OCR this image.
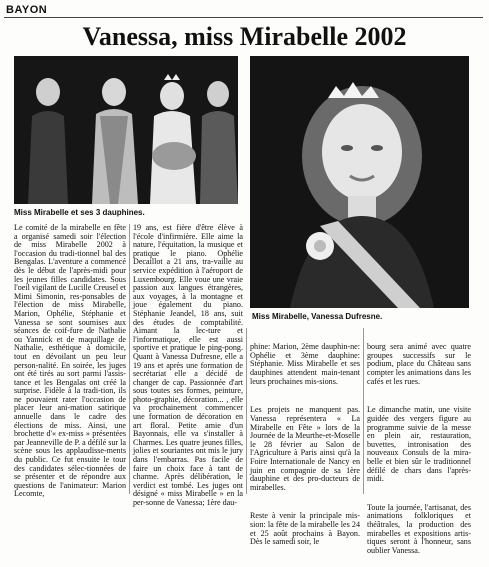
BAYON
Vanessa, miss Mirabelle 2002
Miss Mirabelle et ses 3 dauphines.
Miss Mirabelle, Vanessa Dufresne.

Le comité de la mirabelle en fête a organisé samedi soir l'élection de miss Mirabelle 2002 à l'occasion du tradi-tionnel bal des Bengalas. L'aventure a commencé dès le début de l'après-midi pour les jeunes filles candidates. Sous l'oeil vigilant de Lucille Creusel et Mimi Simonin, res-ponsables de l'élection de miss Mirabelle, Marion, Ophélie, Stéphanie et Vanessa se sont soumises aux séances de coif-fure de Nathalie ou Yannick et de maquillage de Nathalie, esthétique à domicile, tout en dévoilant un peu leur person-nalité. En soirée, les juges ont été tirés au sort parmi l'assis-tance et les Bengalas ont créé la surprise. Fidèle à la tradi-tion, ils ne pouvaient rater l'occasion de placer leur ani-mation satirique annuelle dans le cadre des élections de miss. Ainsi, une brochette d'« ex-miss » présentées par Jeanneville de P. a défilé sur la scène sous les applaudisse-ments du public. Ce fut ensuite le tour des candidates sélec-tionnées de se présenter et de répondre aux questions de l'animateur: Marion Lecomte,

19 ans, est fière d'être élève à l'école d'infirmière. Elle aime la nature, l'équitation, la musique et pratique le piano. Ophélie Decaillot a 21 ans, tra-vaille au service expédition à l'aéroport de Luxembourg. Elle voue une vraie passion aux langues étrangères, aux voyages, à la montagne et joue également du piano. Stéphanie Jeandel, 18 ans, suit des études de comptabilité. Aimant la lec-ture et l'informatique, elle est aussi sportive et pratique le ping-pong. Quant à Vanessa Dufresne, elle a 19 ans et après une formation de secrétariat elle a décidé de changer de cap. Passionnée d'art sous toutes ses formes, peinture, photo-graphie, décoration... , elle va prochainement commencer une formation de décoration en art floral. Petite amie d'un Bayonnais, elle va s'installer à Charmes. Les quatre jeunes filles, jolies et souriantes ont mis le jury dans l'embarras. Pas facile de faire un choix face à tant de charme. Après délibération, le verdict est tombé. Les juges ont désigné « miss Mirabelle » en la per-sonne de Vanessa; 1ère dau-

phine: Marion, 2ème dauphin-ne: Ophélie et 3ème dauphine: Stéphanie. Miss Mirabelle et ses dauphines attendent main-tenant leurs prochaines mis-sions.

Les projets ne manquent pas. Vanessa représentera « La Mirabelle en Fête » lors de la Journée de la Meurthe-et-Moselle le 28 février au Salon de l'Agriculture à Paris ainsi qu'à la Foire Internationale de Nancy en juin en compagnie de sa 1ère dauphine et des pro-ducteurs de mirabelles.

Reste à venir la principale mis-sion: la fête de la mirabelle les 24 et 25 août prochains à Bayon. Dès le samedi soir, le

bourg sera animé avec quatre groupes successifs sur le podium, place du Château sans compter les animations dans les cafés et les rues.

Le dimanche matin, une visite guidée des vergers figure au programme suivie de la messe en plein air, restauration, buvettes, intronisation des nouveaux Consuls de la mira-belle et bien sûr le traditionnel défilé de chars dans l'après-midi.

Toute la journée, l'artisanat, des animations folkloriques et théâtrales, la production des mirabelles et expositions artis-tiques seront à l'honneur, sans oublier Vanessa.
